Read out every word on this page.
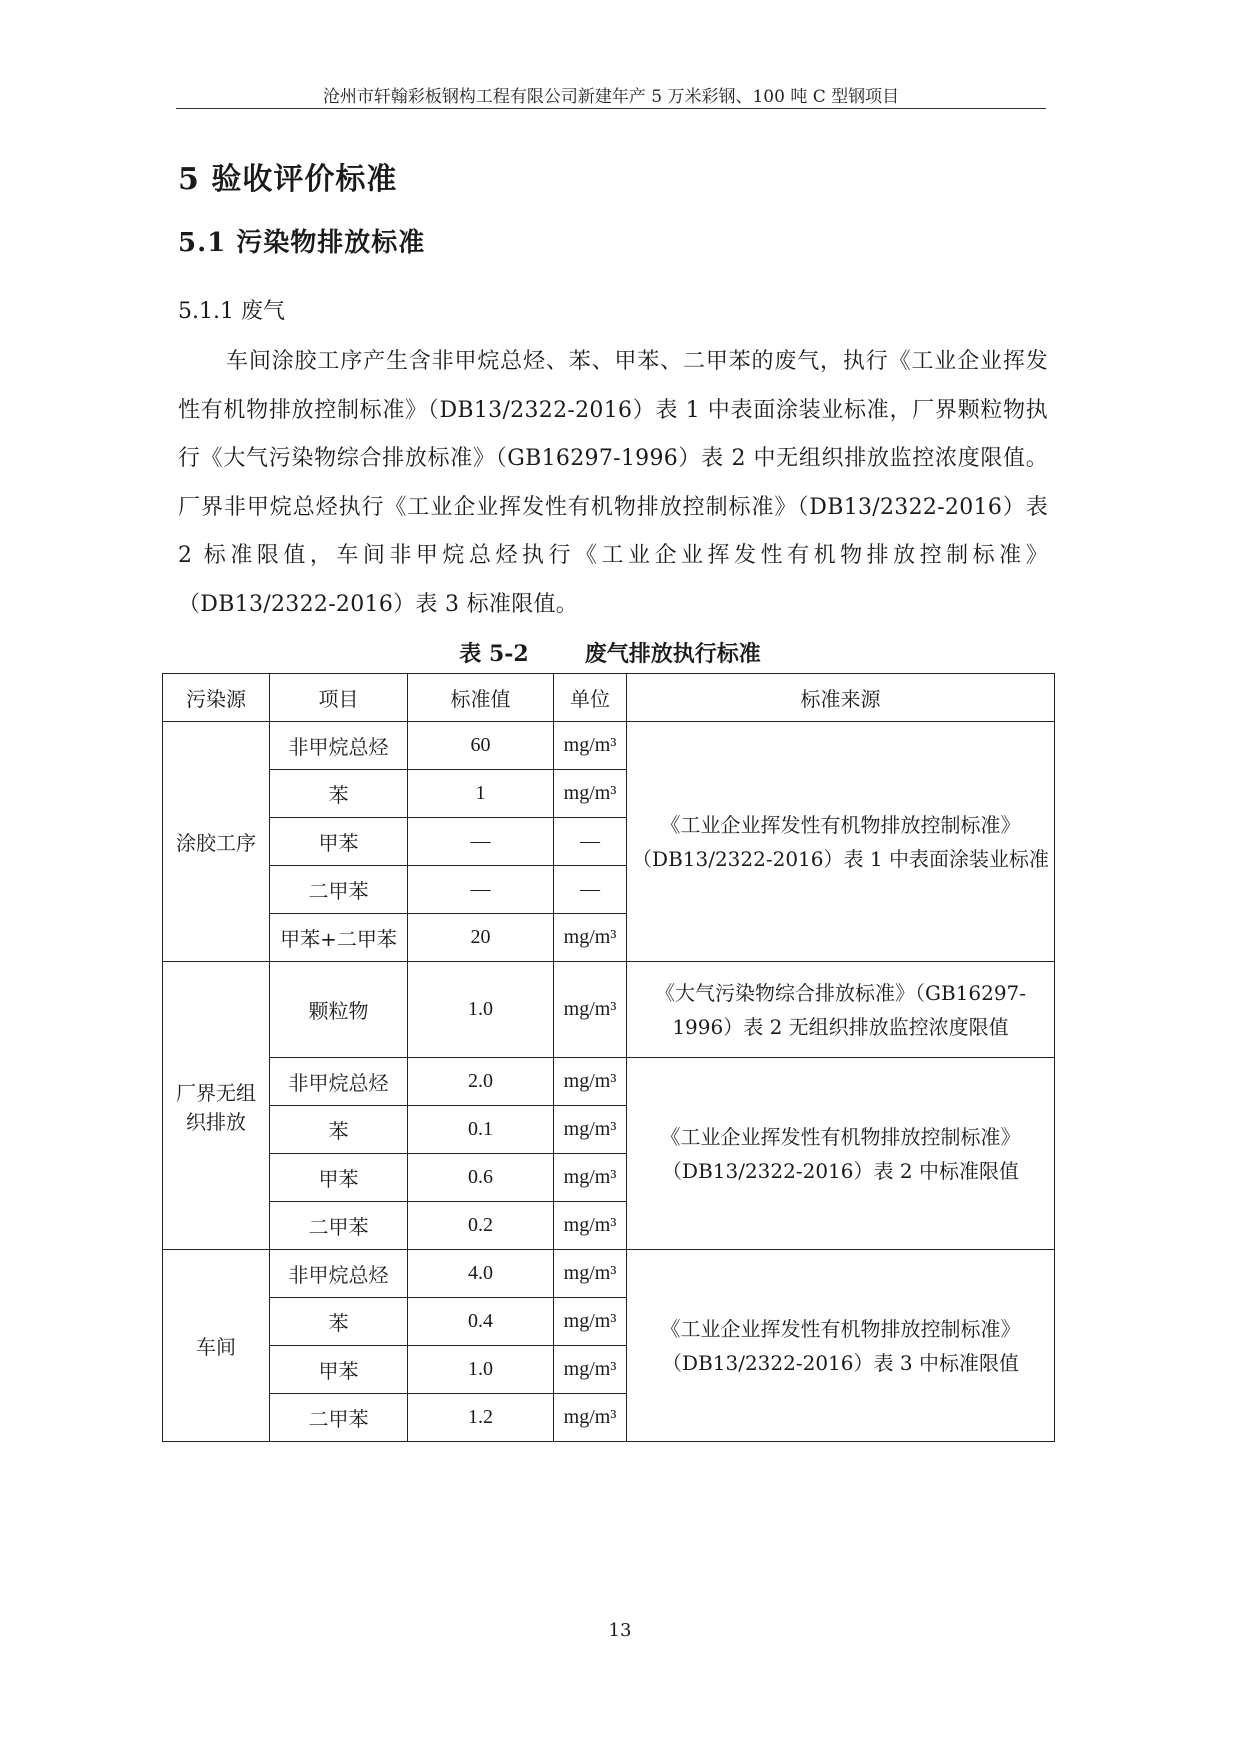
沧州市轩翰彩板钢构工程有限公司新建年产 5 万米彩钢、100 吨 C 型钢项目
5 验收评价标准
5.1 污染物排放标准
5.1.1 废气
车间涂胶工序产生含非甲烷总烃、苯、甲苯、二甲苯的废气，执行《工业企业挥发性有机物排放控制标准》（DB13/2322-2016）表 1 中表面涂装业标准，厂界颗粒物执行《大气污染物综合排放标准》（GB16297-1996）表 2 中无组织排放监控浓度限值。厂界非甲烷总烃执行《工业企业挥发性有机物排放控制标准》（DB13/2322-2016）表 2 标准限值，车间非甲烷总烃执行《工业企业挥发性有机物排放控制标准》（DB13/2322-2016）表 3 标准限值。
表 5-2	废气排放执行标准
污染源	项目	标准值	单位	标准来源
涂胶工序	非甲烷总烃	60	mg/m³	《工业企业挥发性有机物排放控制标准》（DB13/2322-2016）表 1 中表面涂装业标准
	苯	1	mg/m³	
	甲苯	—	—	
	二甲苯	—	—	
	甲苯+二甲苯	20	mg/m³	
厂界无组织排放	颗粒物	1.0	mg/m³	《大气污染物综合排放标准》（GB16297-1996）表 2 无组织排放监控浓度限值
	非甲烷总烃	2.0	mg/m³	《工业企业挥发性有机物排放控制标准》（DB13/2322-2016）表 2 中标准限值
	苯	0.1	mg/m³	
	甲苯	0.6	mg/m³	
	二甲苯	0.2	mg/m³	
车间	非甲烷总烃	4.0	mg/m³	《工业企业挥发性有机物排放控制标准》（DB13/2322-2016）表 3 中标准限值
	苯	0.4	mg/m³	
	甲苯	1.0	mg/m³	
	二甲苯	1.2	mg/m³	
13
